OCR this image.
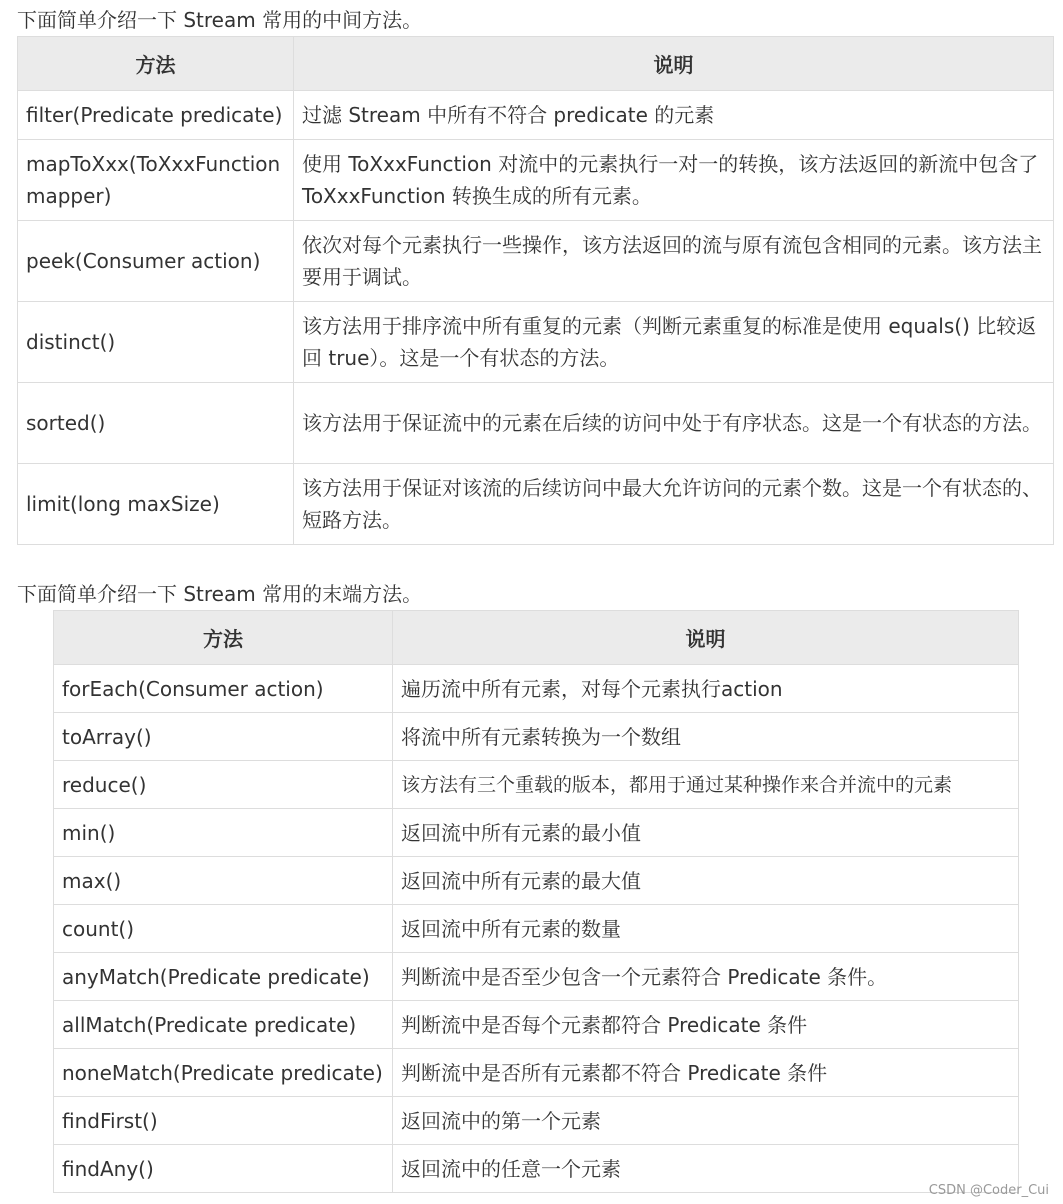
下面简单介绍一下 Stream 常用的中间方法。

方法	说明
filter(Predicate predicate)	过滤 Stream 中所有不符合 predicate 的元素
mapToXxx(ToXxxFunction mapper)	使用 ToXxxFunction 对流中的元素执行一对一的转换，该方法返回的新流中包含了 ToXxxFunction 转换生成的所有元素。
peek(Consumer action)	依次对每个元素执行一些操作，该方法返回的流与原有流包含相同的元素。该方法主要用于调试。
distinct()	该方法用于排序流中所有重复的元素（判断元素重复的标准是使用 equals() 比较返回 true）。这是一个有状态的方法。
sorted()	该方法用于保证流中的元素在后续的访问中处于有序状态。这是一个有状态的方法。
limit(long maxSize)	该方法用于保证对该流的后续访问中最大允许访问的元素个数。这是一个有状态的、短路方法。

下面简单介绍一下 Stream 常用的末端方法。

方法	说明
forEach(Consumer action)	遍历流中所有元素，对每个元素执行action
toArray()	将流中所有元素转换为一个数组
reduce()	该方法有三个重载的版本，都用于通过某种操作来合并流中的元素
min()	返回流中所有元素的最小值
max()	返回流中所有元素的最大值
count()	返回流中所有元素的数量
anyMatch(Predicate predicate)	判断流中是否至少包含一个元素符合 Predicate 条件。
allMatch(Predicate predicate)	判断流中是否每个元素都符合 Predicate 条件
noneMatch(Predicate predicate)	判断流中是否所有元素都不符合 Predicate 条件
findFirst()	返回流中的第一个元素
findAny()	返回流中的任意一个元素
CSDN @Coder_Cui
